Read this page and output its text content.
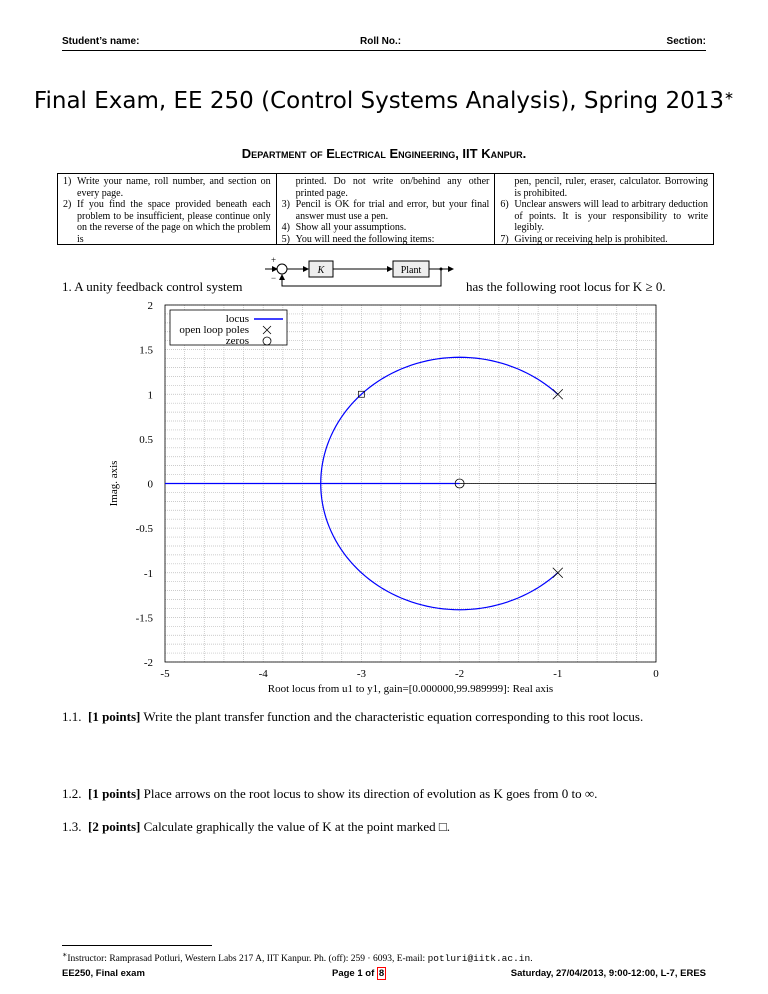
Student’s name:	Roll No.:	Section:
Final Exam, EE 250 (Control Systems Analysis), Spring 2013∗
Department of Electrical Engineering, IIT Kanpur.
1) Write your name, roll number, and section on every page.
2) If you find the space provided beneath each problem to be insufficient, please continue only on the reverse of the page on which the problem is
printed. Do not write on/behind any other printed page.
3) Pencil is OK for trial and error, but your final answer must use a pen.
4) Show all your assumptions.
5) You will need the following items:
pen, pencil, ruler, eraser, calculator. Borrowing is prohibited.
6) Unclear answers will lead to arbitrary deduction of points. It is your responsibility to write legibly.
7) Giving or receiving help is prohibited.
1. A unity feedback control system
+
−
K	Plant
has the following root locus for K ≥ 0.
-5	-4	-3	-2	-1	0
2
1.5
1
0.5
0
-0.5
-1
-1.5
-2
Root locus from u1 to y1, gain=[0.000000,99.989999]: Real axis
Imag. axis
locus
open loop poles
zeros
1.1. [1 points] Write the plant transfer function and the characteristic equation corresponding to this root locus.
1.2. [1 points] Place arrows on the root locus to show its direction of evolution as K goes from 0 to ∞.
1.3. [2 points] Calculate graphically the value of K at the point marked □.
∗Instructor: Ramprasad Potluri, Western Labs 217 A, IIT Kanpur. Ph. (off): 259 · 6093, E-mail: potluri@iitk.ac.in.
EE250, Final exam	Page 1 of 8	Saturday, 27/04/2013, 9:00-12:00, L-7, ERES
